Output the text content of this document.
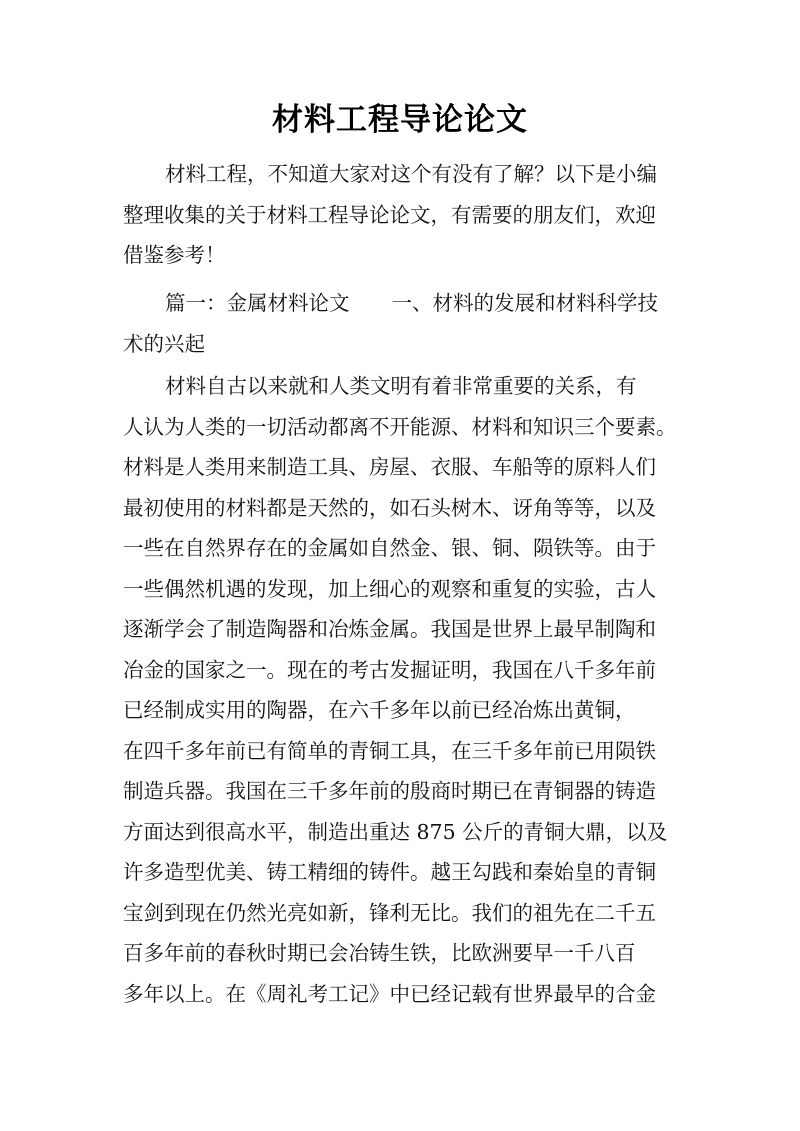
材料工程导论论文
材料工程，不知道大家对这个有没有了解？以下是小编
整理收集的关于材料工程导论论文，有需要的朋友们，欢迎
借鉴参考！
篇一：金属材料论文 一、材料的发展和材料科学技
术的兴起
材料自古以来就和人类文明有着非常重要的关系，有
人认为人类的一切活动都离不开能源、材料和知识三个要素。
材料是人类用来制造工具、房屋、衣服、车船等的原料人们
最初使用的材料都是天然的，如石头树木、讶角等等，以及
一些在自然界存在的金属如自然金、银、铜、陨铁等。由于
一些偶然机遇的发现，加上细心的观察和重复的实验，古人
逐渐学会了制造陶器和冶炼金属。我国是世界上最早制陶和
冶金的国家之一。现在的考古发掘证明，我国在八千多年前
已经制成实用的陶器，在六千多年以前已经冶炼出黄铜，
在四千多年前已有简单的青铜工具，在三千多年前已用陨铁
制造兵器。我国在三千多年前的殷商时期已在青铜器的铸造
方面达到很高水平，制造出重达 875 公斤的青铜大鼎，以及
许多造型优美、铸工精细的铸件。越王勾践和秦始皇的青铜
宝剑到现在仍然光亮如新，锋利无比。我们的祖先在二千五
百多年前的春秋时期已会冶铸生铁，比欧洲要早一千八百
多年以上。在《周礼考工记》中已经记载有世界最早的合金
